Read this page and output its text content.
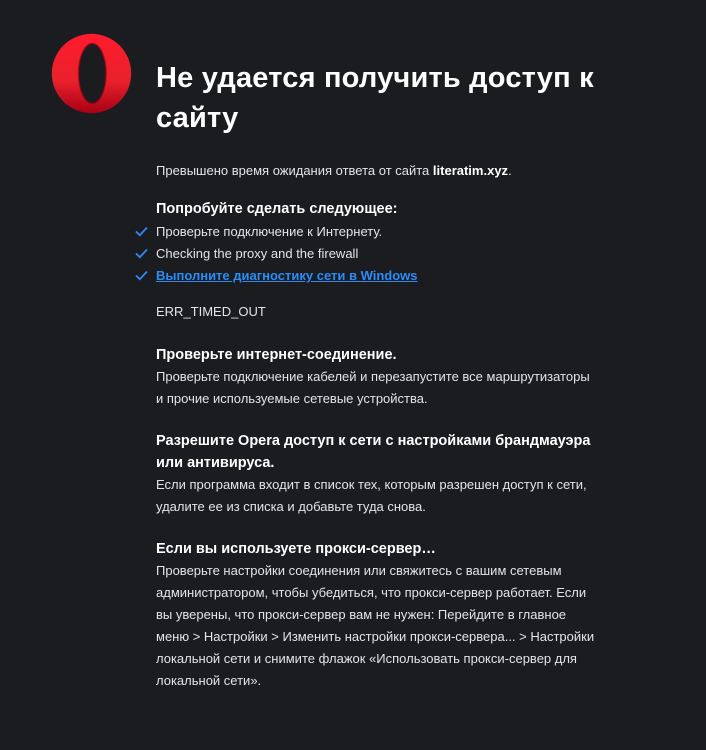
Не удается получить доступ к сайту
Превышено время ожидания ответа от сайта literatim.xyz.
Попробуйте сделать следующее:
Проверьте подключение к Интернету.
Checking the proxy and the firewall
Выполните диагностику сети в Windows
ERR_TIMED_OUT
Проверьте интернет-соединение.
Проверьте подключение кабелей и перезапустите все маршрутизаторы и прочие используемые сетевые устройства.
Разрешите Opera доступ к сети с настройками брандмауэра или антивируса.
Если программа входит в список тех, которым разрешен доступ к сети, удалите ее из списка и добавьте туда снова.
Если вы используете прокси-сервер…
Проверьте настройки соединения или свяжитесь с вашим сетевым администратором, чтобы убедиться, что прокси-сервер работает. Если вы уверены, что прокси-сервер вам не нужен: Перейдите в главное меню > Настройки > Изменить настройки прокси-сервера... > Настройки локальной сети и снимите флажок «Использовать прокси-сервер для локальной сети».
